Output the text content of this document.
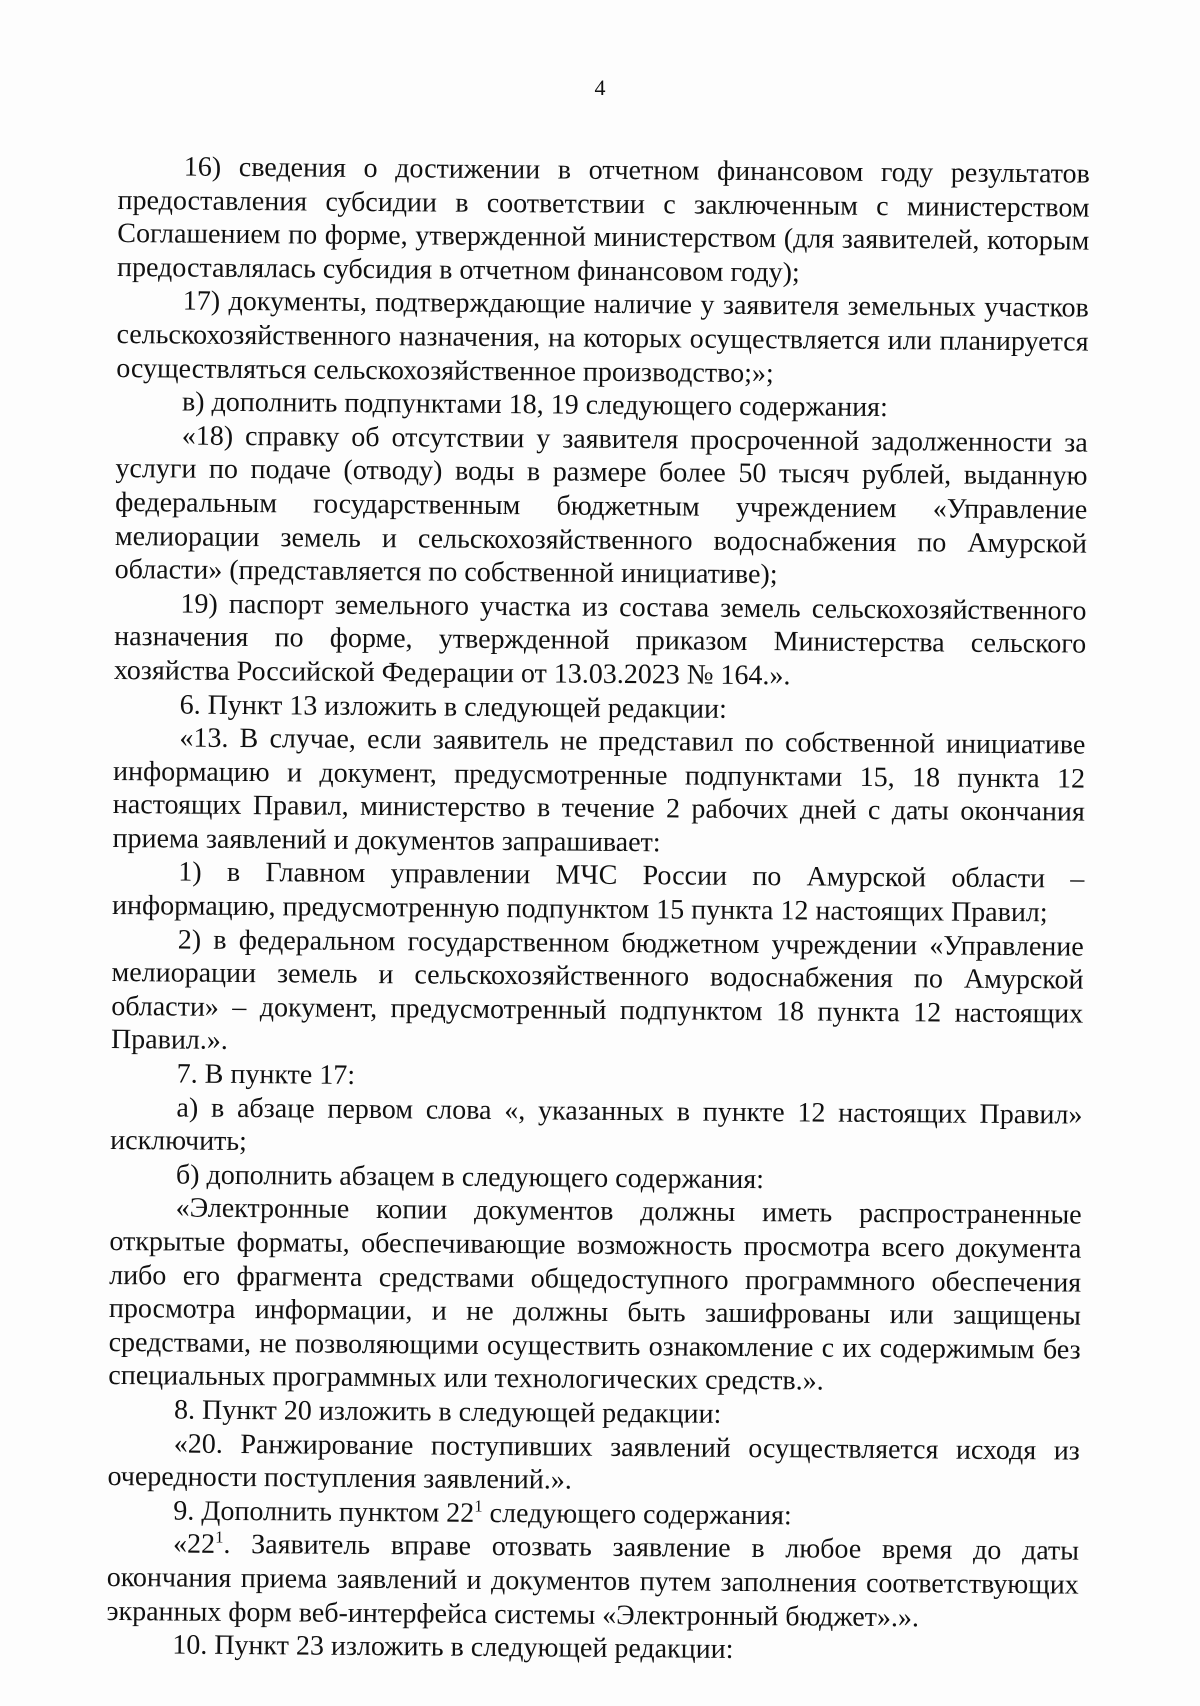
4

16) сведения о достижении в отчетном финансовом году результатов предоставления субсидии в соответствии с заключенным с министерством Соглашением по форме, утвержденной министерством (для заявителей, которым предоставлялась субсидия в отчетном финансовом году);

17) документы, подтверждающие наличие у заявителя земельных участков сельскохозяйственного назначения, на которых осуществляется или планируется осуществляться сельскохозяйственное производство;»;

в) дополнить подпунктами 18, 19 следующего содержания:

«18) справку об отсутствии у заявителя просроченной задолженности за услуги по подаче (отводу) воды в размере более 50 тысяч рублей, выданную федеральным государственным бюджетным учреждением «Управление мелиорации земель и сельскохозяйственного водоснабжения по Амурской области» (представляется по собственной инициативе);

19) паспорт земельного участка из состава земель сельскохозяйственного назначения по форме, утвержденной приказом Министерства сельского хозяйства Российской Федерации от 13.03.2023 № 164.».

6. Пункт 13 изложить в следующей редакции:

«13. В случае, если заявитель не представил по собственной инициативе информацию и документ, предусмотренные подпунктами 15, 18 пункта 12 настоящих Правил, министерство в течение 2 рабочих дней с даты окончания приема заявлений и документов запрашивает:

1) в Главном управлении МЧС России по Амурской области – информацию, предусмотренную подпунктом 15 пункта 12 настоящих Правил;

2) в федеральном государственном бюджетном учреждении «Управление мелиорации земель и сельскохозяйственного водоснабжения по Амурской области» – документ, предусмотренный подпунктом 18 пункта 12 настоящих Правил.».

7. В пункте 17:

а) в абзаце первом слова «, указанных в пункте 12 настоящих Правил» исключить;

б) дополнить абзацем в следующего содержания:

«Электронные копии документов должны иметь распространенные открытые форматы, обеспечивающие возможность просмотра всего документа либо его фрагмента средствами общедоступного программного обеспечения просмотра информации, и не должны быть зашифрованы или защищены средствами, не позволяющими осуществить ознакомление с их содержимым без специальных программных или технологических средств.».

8. Пункт 20 изложить в следующей редакции:

«20. Ранжирование поступивших заявлений осуществляется исходя из очередности поступления заявлений.».

9. Дополнить пунктом $22^1$ следующего содержания:

«$22^1$. Заявитель вправе отозвать заявление в любое время до даты окончания приема заявлений и документов путем заполнения соответствующих экранных форм веб-интерфейса системы «Электронный бюджет».».

10. Пункт 23 изложить в следующей редакции:
